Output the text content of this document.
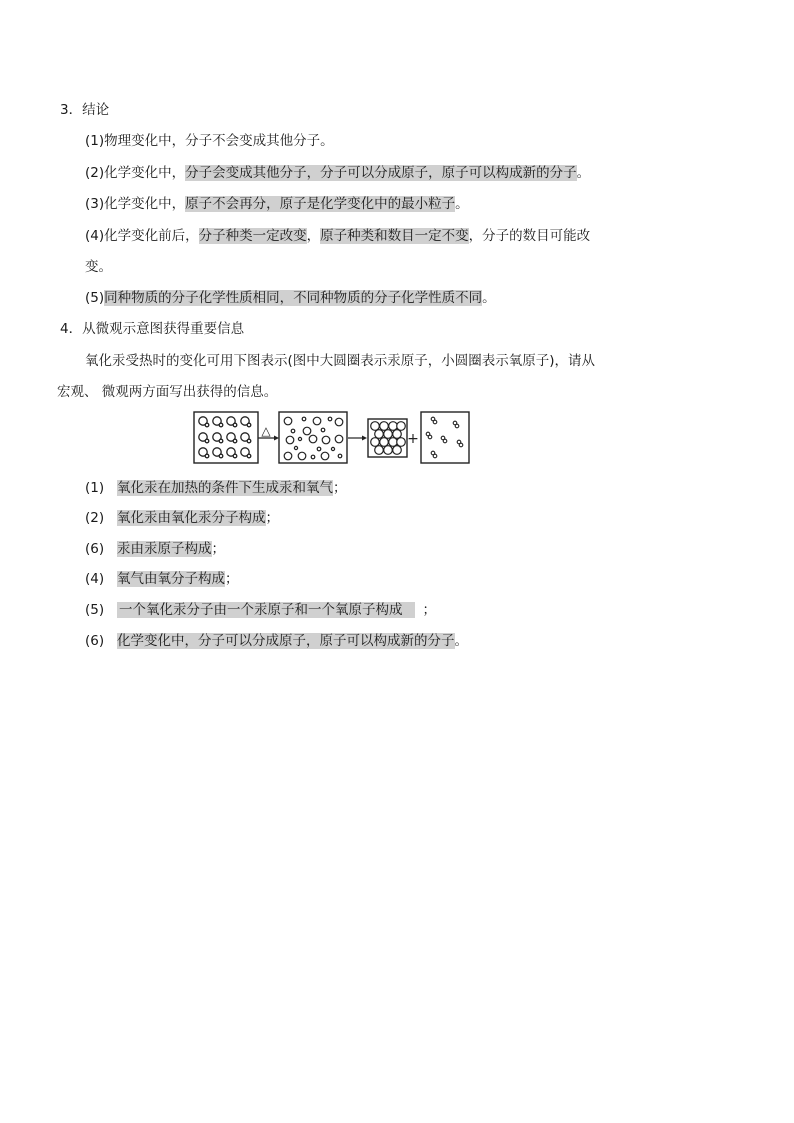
3．结论
(1)物理变化中，分子不会变成其他分子。
(2)化学变化中，分子会变成其他分子，分子可以分成原子，原子可以构成新的分子。
(3)化学变化中，原子不会再分，原子是化学变化中的最小粒子。
(4)化学变化前后，分子种类一定改变，原子种类和数目一定不变，分子的数目可能改
变。
(5)同种物质的分子化学性质相同，不同种物质的分子化学性质不同。
4．从微观示意图获得重要信息
氧化汞受热时的变化可用下图表示(图中大圆圈表示汞原子，小圆圈表示氧原子)，请从
宏观、 微观两方面写出获得的信息。
△	+
(1) 氧化汞在加热的条件下生成汞和氧气；
(2) 氧化汞由氧化汞分子构成；
(6) 汞由汞原子构成；
(4) 氧气由氧分子构成；
(5) 一个氧化汞分子由一个汞原子和一个氧原子构成 ；
(6) 化学变化中，分子可以分成原子，原子可以构成新的分子。
